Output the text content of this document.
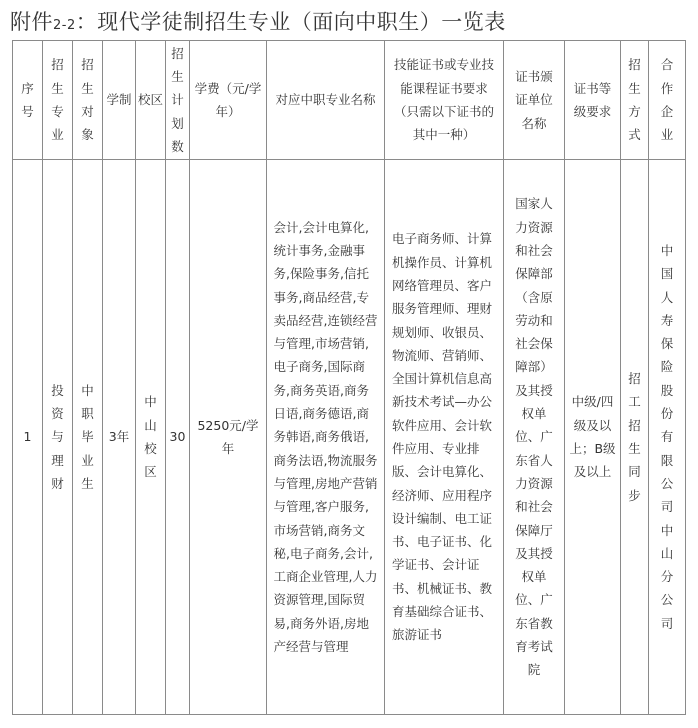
附件2-2：现代学徒制招生专业（面向中职生）一览表
序号	招生专业	招生对象	学制	校区	招生计划数	学费（元/学年）	对应中职专业名称	技能证书或专业技能课程证书要求（只需以下证书的其中一种）	证书颁证单位名称	证书等级要求	招生方式	合作企业
1	投资与理财	中职毕业生	3年	中山校区	30	5250元/学年	会计,会计电算化,统计事务,金融事务,保险事务,信托事务,商品经营,专卖品经营,连锁经营与管理,市场营销,电子商务,国际商务,商务英语,商务日语,商务德语,商务韩语,商务俄语,商务法语,物流服务与管理,房地产营销与管理,客户服务,市场营销,商务文秘,电子商务,会计,工商企业管理,人力资源管理,国际贸易,商务外语,房地产经营与管理	电子商务师、计算机操作员、计算机网络管理员、客户服务管理师、理财规划师、收银员、物流师、营销师、全国计算机信息高新技术考试—办公软件应用、会计软件应用、专业排版、会计电算化、经济师、应用程序设计编制、电工证书、电子证书、化学证书、会计证书、机械证书、教育基础综合证书、旅游证书	国家人力资源和社会保障部（含原劳动和社会保障部）及其授权单位、广东省人力资源和社会保障厅及其授权单位、广东省教育考试院	中级/四级及以上；B级及以上	招工招生同步	中国人寿保险股份有限公司中山分公司
